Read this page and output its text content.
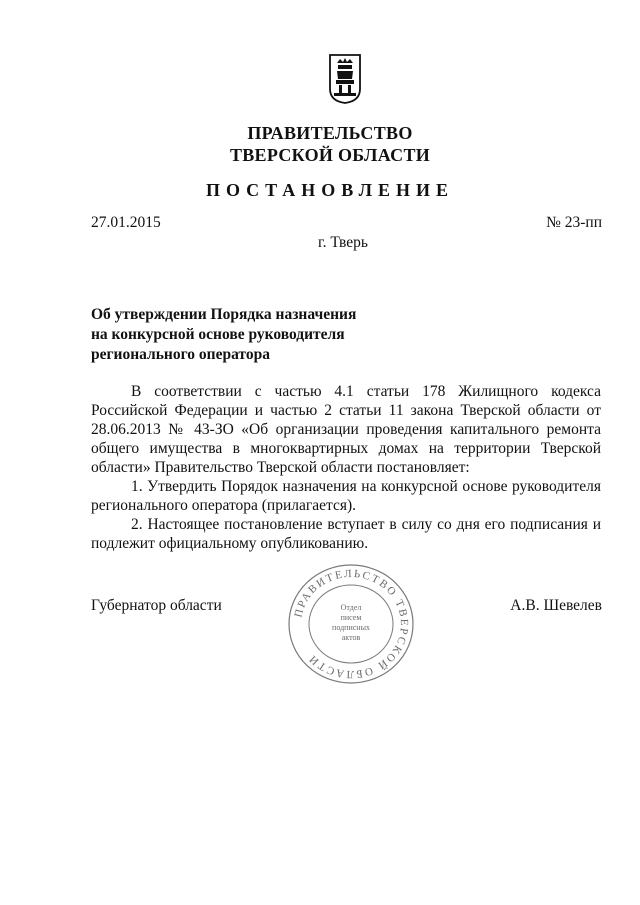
ПРАВИТЕЛЬСТВО
ТВЕРСКОЙ ОБЛАСТИ
ПОСТАНОВЛЕНИЕ
27.01.2015	№ 23-пп
г. Тверь
Об утверждении Порядка назначения
на конкурсной основе руководителя
регионального оператора

В соответствии с частью 4.1 статьи 178 Жилищного кодекса Российской Федерации и частью 2 статьи 11 закона Тверской области от 28.06.2013 № 43-ЗО «Об организации проведения капитального ремонта общего имущества в многоквартирных домах на территории Тверской области» Правительство Тверской области постановляет:

1. Утвердить Порядок назначения на конкурсной основе руководителя регионального оператора (прилагается).

2. Настоящее постановление вступает в силу со дня его подписания и подлежит официальному опубликованию.

Губернатор области	А.В. Шевелев
ПРАВИТЕЛЬСТВО ТВЕРСКОЙ ОБЛАСТИ
Отдел
писем
подписных
актов
